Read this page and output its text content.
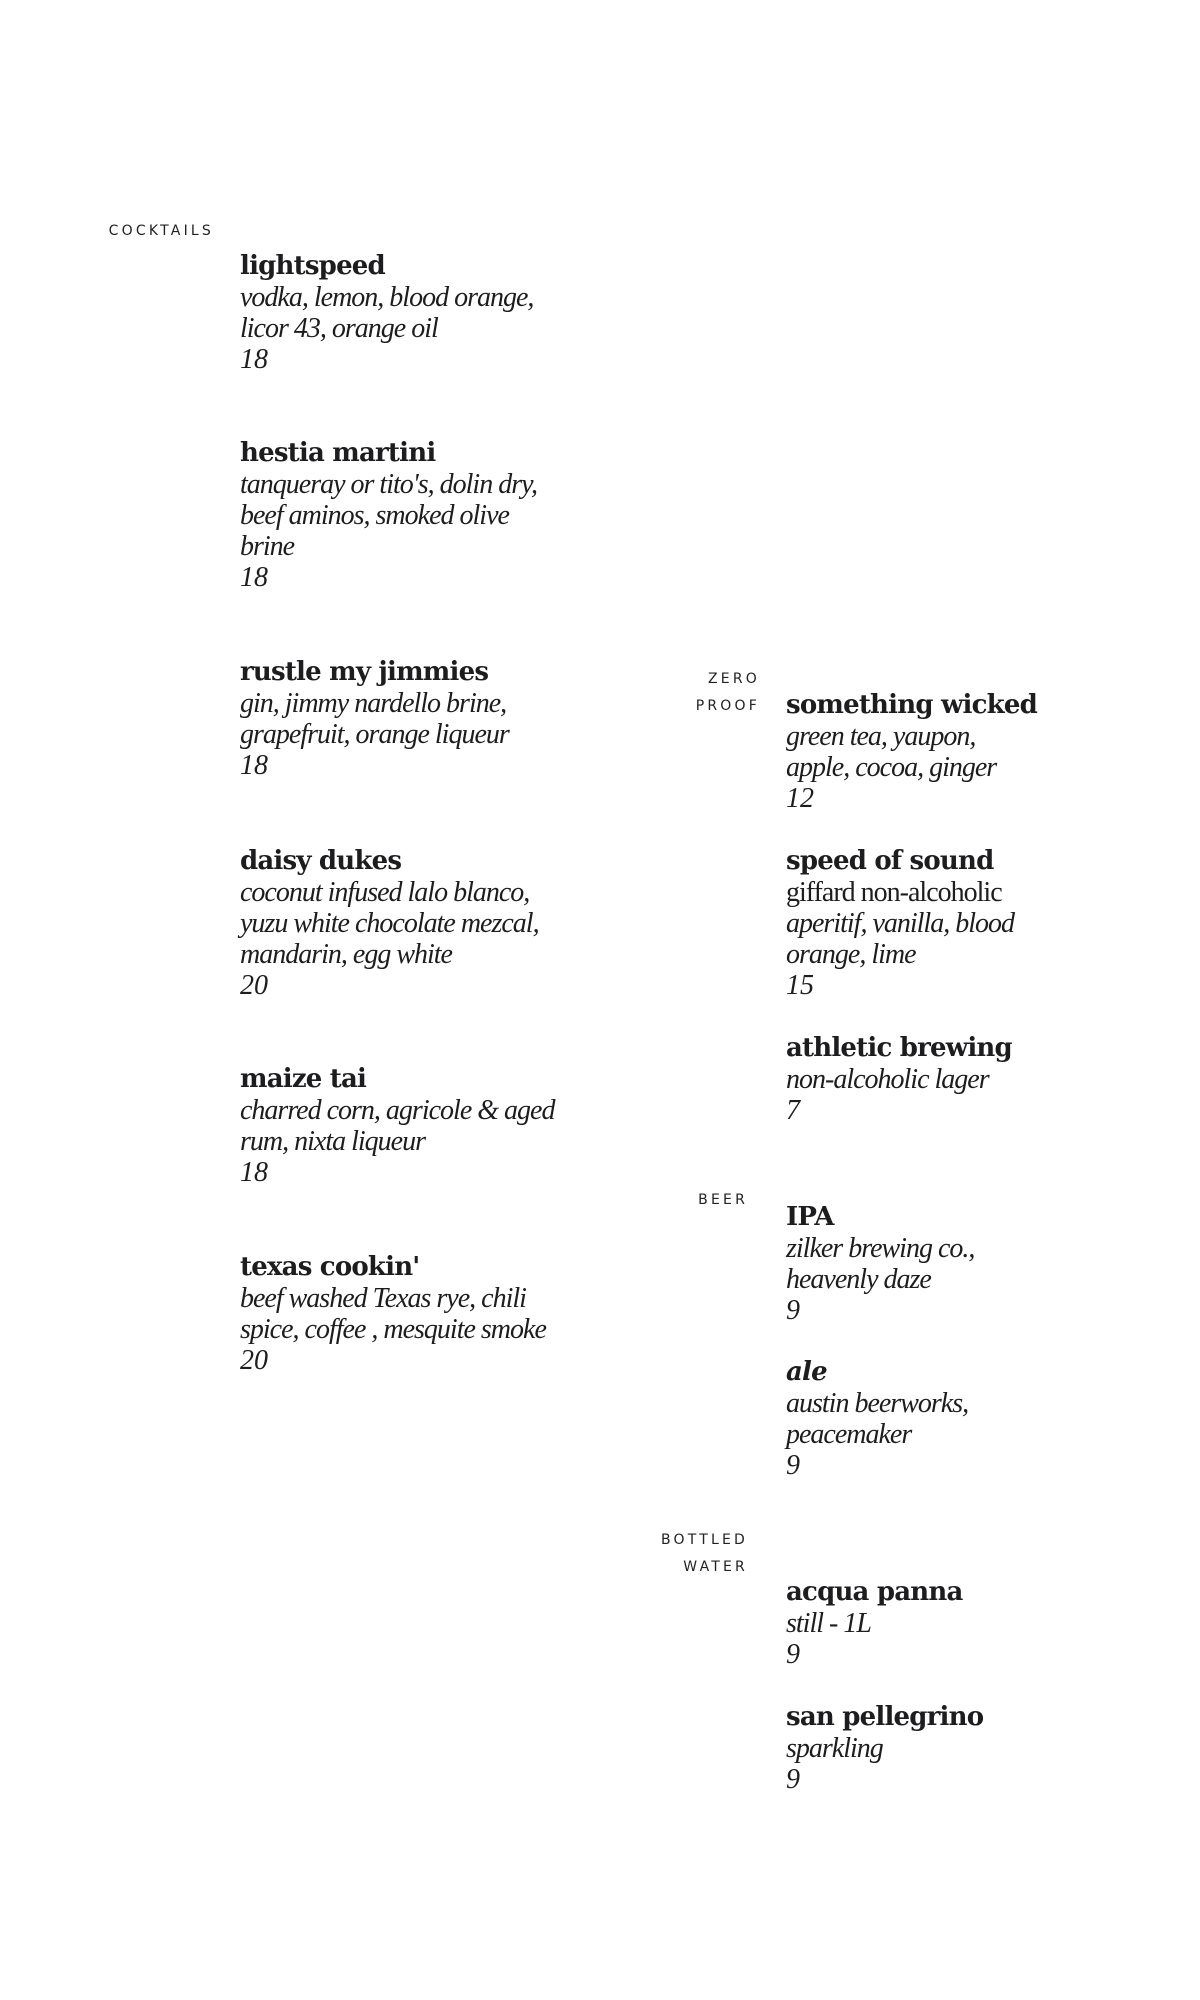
COCKTAILS
lightspeed
vodka, lemon, blood orange,
licor 43, orange oil
18
hestia martini
tanqueray or tito's, dolin dry,
beef aminos, smoked olive
brine
18
rustle my jimmies
gin, jimmy nardello brine,
grapefruit, orange liqueur
18
daisy dukes
coconut infused lalo blanco,
yuzu white chocolate mezcal,
mandarin, egg white
20
maize tai
charred corn, agricole & aged
rum, nixta liqueur
18
texas cookin'
beef washed Texas rye, chili
spice, coffee , mesquite smoke
20
ZERO
PROOF something wicked
green tea, yaupon,
apple, cocoa, ginger
12
speed of sound
giffard non-alcoholic
aperitif, vanilla, blood
orange, lime
15
athletic brewing
non-alcoholic lager
7
BEER
IPA
zilker brewing co.,
heavenly daze
9
ale
austin beerworks,
peacemaker
9
BOTTLED
WATER
acqua panna
still - 1L
9
san pellegrino
sparkling
9
